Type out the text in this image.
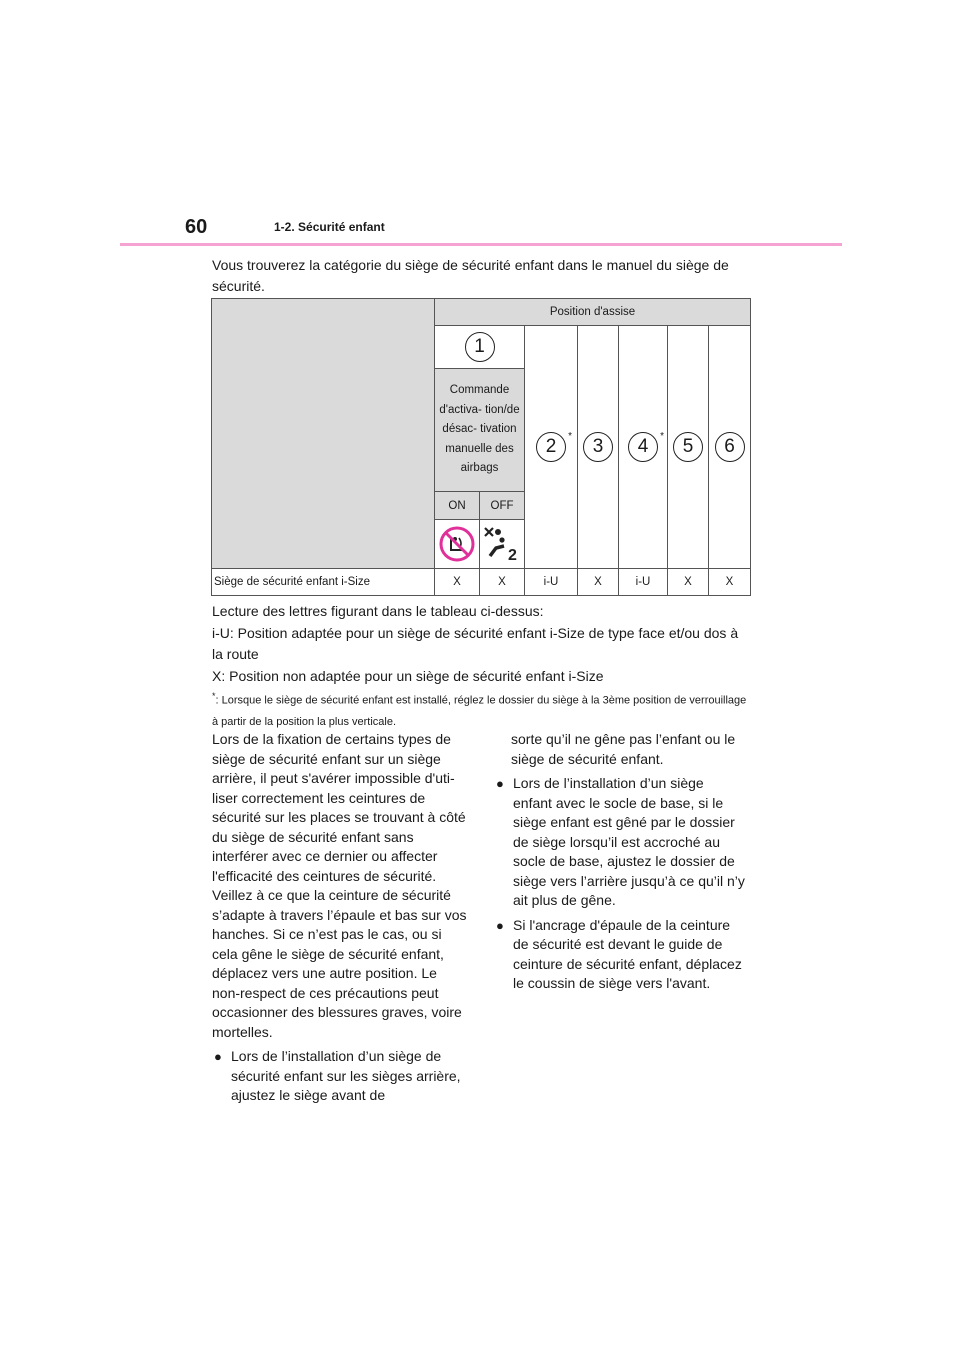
60	1-2. Sécurité enfant

Vous trouverez la catégorie du siège de sécurité enfant dans le manuel du siège de sécurité.

Position d'assise
1
Commande d'activa- tion/de désac- tivation manuelle des airbags
ON	OFF
2
2 * 3 4 * 5 6
Siège de sécurité enfant i-Size	X	X	i-U	X	i-U	X	X

Lecture des lettres figurant dans le tableau ci-dessus:

i-U: Position adaptée pour un siège de sécurité enfant i-Size de type face et/ou dos à la route

X: Position non adaptée pour un siège de sécurité enfant i-Size

*: Lorsque le siège de sécurité enfant est installé, réglez le dossier du siège à la 3ème position de verrouillage à partir de la position la plus verticale.

Lors de la fixation de certains types de siège de sécurité enfant sur un siège arrière, il peut s'avérer impossible d'uti- liser correctement les ceintures de sécurité sur les places se trouvant à côté du siège de sécurité enfant sans interférer avec ce dernier ou affecter l'efficacité des ceintures de sécurité. Veillez à ce que la ceinture de sécurité s’adapte à travers l’épaule et bas sur vos hanches. Si ce n’est pas le cas, ou si cela gêne le siège de sécurité enfant, déplacez vers une autre position. Le non-respect de ces précautions peut occasionner des blessures graves, voire mortelles.

● Lors de l’installation d’un siège de sécurité enfant sur les sièges arrière, ajustez le siège avant de

sorte qu’il ne gêne pas l’enfant ou le siège de sécurité enfant.

● Lors de l’installation d’un siège enfant avec le socle de base, si le siège enfant est gêné par le dossier de siège lorsqu’il est accroché au socle de base, ajustez le dossier de siège vers l’arrière jusqu’à ce qu’il n’y ait plus de gêne.
● Si l'ancrage d'épaule de la ceinture de sécurité est devant le guide de ceinture de sécurité enfant, déplacez le coussin de siège vers l'avant.
